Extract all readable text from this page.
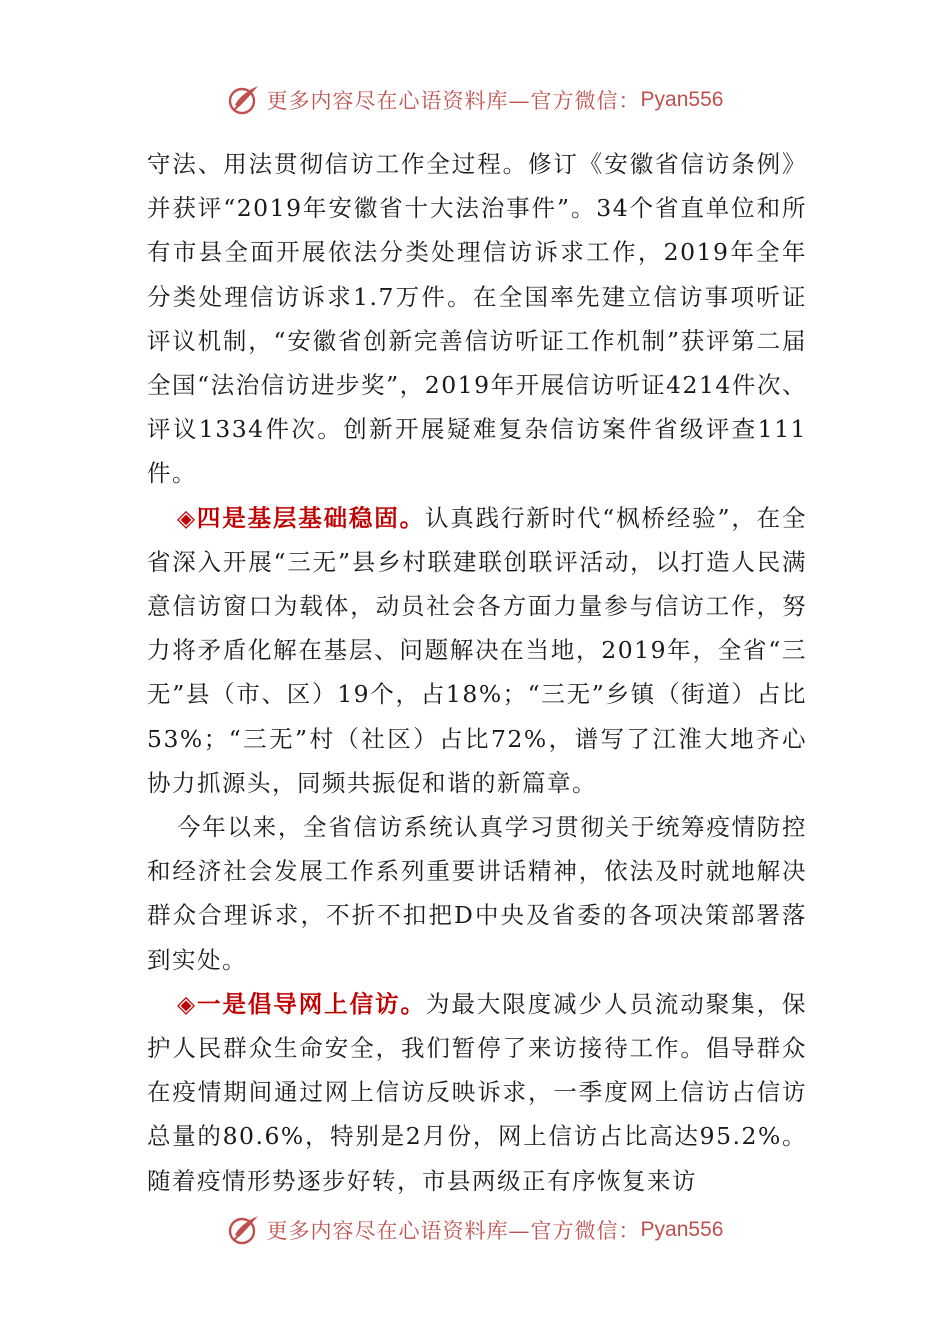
更多内容尽在心语资料库—官方微信： Pyan556

守法、用法贯彻信访工作全过程。修订《安徽省信访条例》并获评“2019年安徽省十大法治事件”。34个省直单位和所有市县全面开展依法分类处理信访诉求工作，2019年全年分类处理信访诉求1.7万件。在全国率先建立信访事项听证评议机制，“安徽省创新完善信访听证工作机制”获评第二届全国“法治信访进步奖”，2019年开展信访听证4214件次、评议1334件次。创新开展疑难复杂信访案件省级评查111件。

◈四是基层基础稳固。认真践行新时代“枫桥经验”，在全省深入开展“三无”县乡村联建联创联评活动，以打造人民满意信访窗口为载体，动员社会各方面力量参与信访工作，努力将矛盾化解在基层、问题解决在当地，2019年，全省“三无”县（市、区）19个，占18%；“三无”乡镇（街道）占比53%；“三无”村（社区）占比72%，谱写了江淮大地齐心协力抓源头，同频共振促和谐的新篇章。

今年以来，全省信访系统认真学习贯彻关于统筹疫情防控和经济社会发展工作系列重要讲话精神，依法及时就地解决群众合理诉求，不折不扣把D中央及省委的各项决策部署落到实处。

◈一是倡导网上信访。为最大限度减少人员流动聚集，保护人民群众生命安全，我们暂停了来访接待工作。倡导群众在疫情期间通过网上信访反映诉求，一季度网上信访占信访总量的80.6%，特别是2月份，网上信访占比高达95.2%。随着疫情形势逐步好转，市县两级正有序恢复来访

更多内容尽在心语资料库—官方微信： Pyan556
